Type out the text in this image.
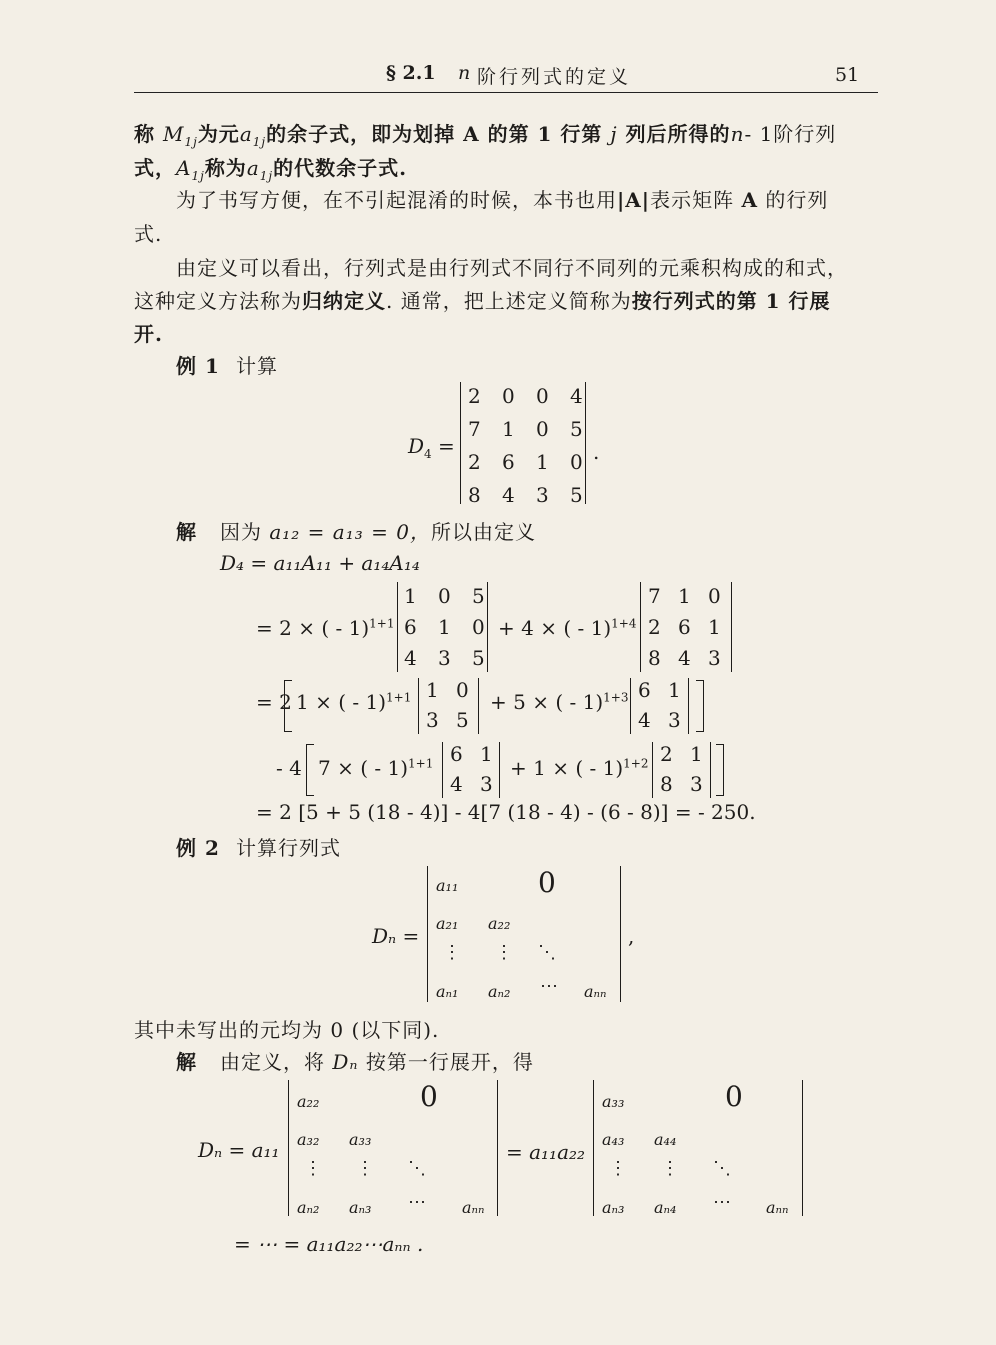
§ 2.1 n 阶行列式的定义	51
称 $M_{1j}$为元$a_{1j}$的余子式，即为划掉 A 的第 1 行第 j 列后所得的n- 1阶行列
式，$A_{1j}$称为$a_{1j}$的代数余子式.
为了书写方便，在不引起混淆的时候，本书也用|A|表示矩阵 A 的行列
式.
由定义可以看出，行列式是由行列式不同行不同列的元乘积构成的和式，
这种定义方法称为归纳定义. 通常，把上述定义简称为按行列式的第 1 行展
开.
例 1 计算
$D_4$ =
2 0 0 4
7 1 0 5
2 6 1 0
8 4 3 5
.
解 因为 a₁₂ = a₁₃ = 0，所以由定义
D₄ = a₁₁A₁₁ + a₁₄A₁₄
= 2 × ( - 1)$^{1+1}$
1 0 5
6 1 0
4 3 5
+ 4 × ( - 1)$^{1+4}$
7 1 0
2 6 1
8 4 3
= 2 1 × ( - 1)$^{1+1}$ 1 0
3 5
+ 5 × ( - 1)$^{1+3}$ 6 1
4 3
- 4 7 × ( - 1)$^{1+1}$ 6 1
4 3
+ 1 × ( - 1)$^{1+2}$ 2 1
8 3
= 2 [5 + 5 (18 - 4)] - 4[7 (18 - 4) - (6 - 8)] = - 250.
例 2 计算行列式
Dₙ =
a₁₁	0
a₂₁ a₂₂
⋮ ⋮ ⋱
aₙ₁ aₙ₂ ⋯ aₙₙ
,
其中未写出的元均为 0 (以下同).
解 由定义，将 Dₙ 按第一行展开，得
Dₙ = a₁₁
a₂₂	0
a₃₂ a₃₃
⋮ ⋮ ⋱
aₙ₂ aₙ₃ ⋯ aₙₙ
= a₁₁a₂₂
a₃₃	0
a₄₃ a₄₄
⋮ ⋮ ⋱
aₙ₃ aₙ₄ ⋯ aₙₙ
= ⋯ = a₁₁a₂₂⋯aₙₙ .
